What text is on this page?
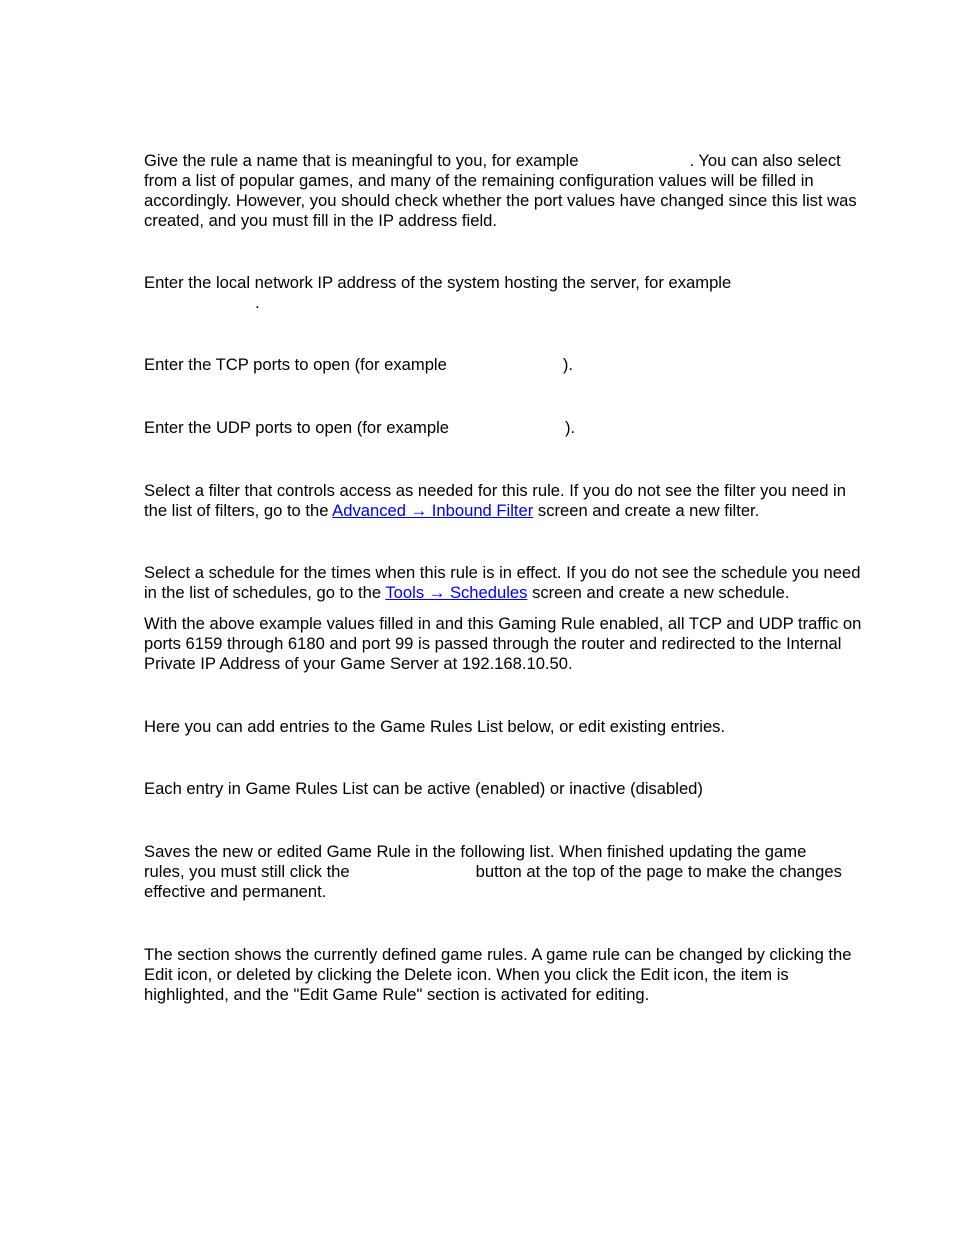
Give the rule a name that is meaningful to you, for example	. You can also select
from a list of popular games, and many of the remaining configuration values will be filled in accordingly. However, you should check whether the port values have changed since this list was created, and you must fill in the IP address field.

Enter the local network IP address of the system hosting the server, for example
.

Enter the TCP ports to open (for example	).

Enter the UDP ports to open (for example	).

Select a filter that controls access as needed for this rule. If you do not see the filter you need in the list of filters, go to the Advanced → Inbound Filter screen and create a new filter.

Select a schedule for the times when this rule is in effect. If you do not see the schedule you need in the list of schedules, go to the Tools → Schedules screen and create a new schedule.

With the above example values filled in and this Gaming Rule enabled, all TCP and UDP traffic on ports 6159 through 6180 and port 99 is passed through the router and redirected to the Internal Private IP Address of your Game Server at 192.168.10.50.

Here you can add entries to the Game Rules List below, or edit existing entries.

Each entry in Game Rules List can be active (enabled) or inactive (disabled)

Saves the new or edited Game Rule in the following list. When finished updating the game
rules, you must still click the	button at the top of the page to make the changes
effective and permanent.

The section shows the currently defined game rules. A game rule can be changed by clicking the Edit icon, or deleted by clicking the Delete icon. When you click the Edit icon, the item is highlighted, and the "Edit Game Rule" section is activated for editing.
